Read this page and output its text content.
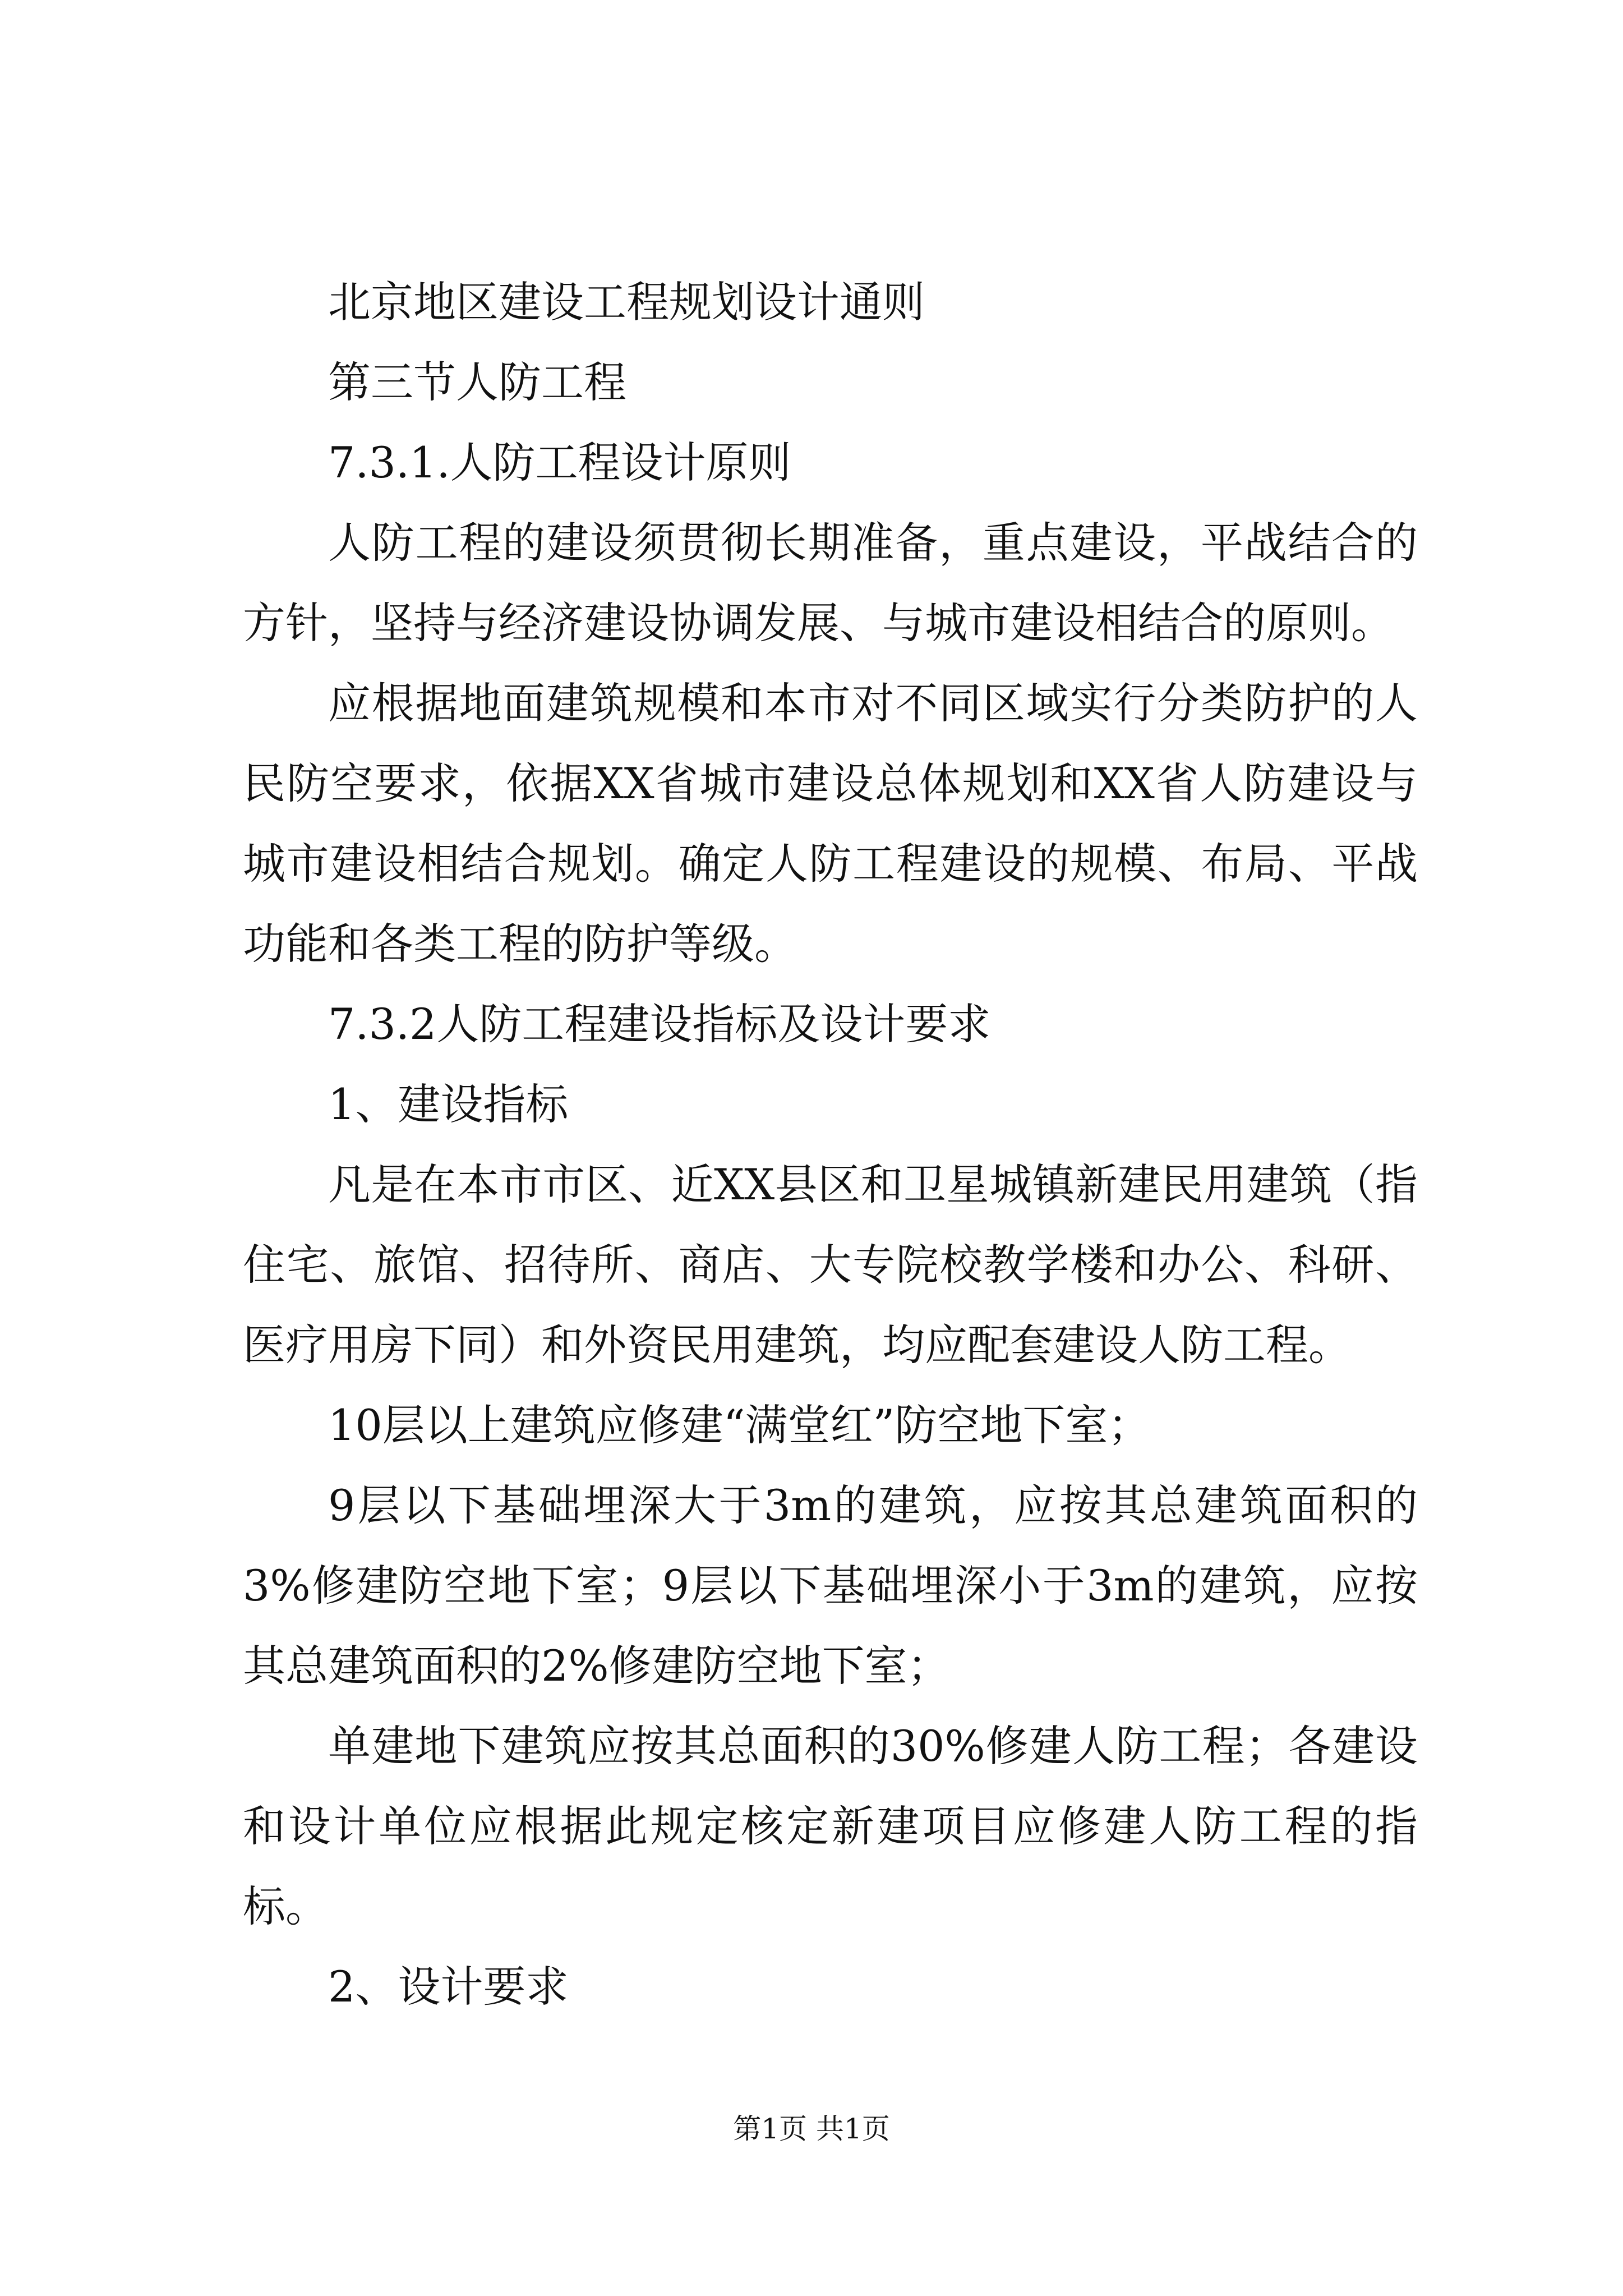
北京地区建设工程规划设计通则

第三节人防工程

7.3.1.人防工程设计原则

人防工程的建设须贯彻长期准备，重点建设，平战结合的方针，坚持与经济建设协调发展、与城市建设相结合的原则。

应根据地面建筑规模和本市对不同区域实行分类防护的人民防空要求，依据XX省城市建设总体规划和XX省人防建设与城市建设相结合规划。确定人防工程建设的规模、布局、平战功能和各类工程的防护等级。

7.3.2人防工程建设指标及设计要求

1、建设指标

凡是在本市市区、近XX县区和卫星城镇新建民用建筑（指住宅、旅馆、招待所、商店、大专院校教学楼和办公、科研、医疗用房下同）和外资民用建筑，均应配套建设人防工程。

10层以上建筑应修建“满堂红”防空地下室；

9层以下基础埋深大于3m的建筑，应按其总建筑面积的3%修建防空地下室；9层以下基础埋深小于3m的建筑，应按其总建筑面积的2%修建防空地下室；

单建地下建筑应按其总面积的30%修建人防工程；各建设和设计单位应根据此规定核定新建项目应修建人防工程的指标。

2、设计要求

第1页 共1页
